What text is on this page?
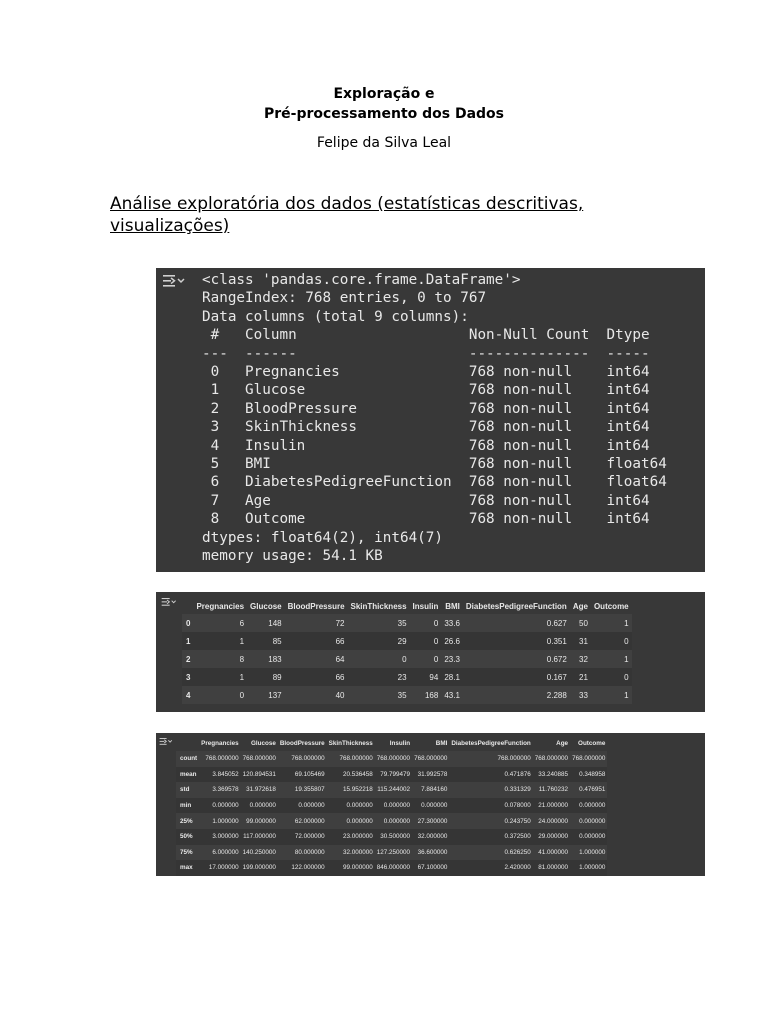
Exploração e
Pré-processamento dos Dados
Felipe da Silva Leal
Análise exploratória dos dados (estatísticas descritivas, visualizações)
<class 'pandas.core.frame.DataFrame'>
RangeIndex: 768 entries, 0 to 767
Data columns (total 9 columns):
#   Column                    Non-Null Count  Dtype
---  ------                    --------------  -----
0   Pregnancies               768 non-null    int64
1   Glucose                   768 non-null    int64
2   BloodPressure             768 non-null    int64
3   SkinThickness             768 non-null    int64
4   Insulin                   768 non-null    int64
5   BMI                       768 non-null    float64
6   DiabetesPedigreeFunction  768 non-null    float64
7   Age                       768 non-null    int64
8   Outcome                   768 non-null    int64
dtypes: float64(2), int64(7)
memory usage: 54.1 KB
	Pregnancies	Glucose	BloodPressure	SkinThickness	Insulin	BMI	DiabetesPedigreeFunction	Age	Outcome
0	6	148	72	35	0	33.6	0.627	50	1
1	1	85	66	29	0	26.6	0.351	31	0
2	8	183	64	0	0	23.3	0.672	32	1
3	1	89	66	23	94	28.1	0.167	21	0
4	0	137	40	35	168	43.1	2.288	33	1
	Pregnancies	Glucose	BloodPressure	SkinThickness	Insulin	BMI	DiabetesPedigreeFunction	Age	Outcome
count	768.000000	768.000000	768.000000	768.000000	768.000000	768.000000	768.000000	768.000000	768.000000
mean	3.845052	120.894531	69.105469	20.536458	79.799479	31.992578	0.471876	33.240885	0.348958
std	3.369578	31.972618	19.355807	15.952218	115.244002	7.884160	0.331329	11.760232	0.476951
min	0.000000	0.000000	0.000000	0.000000	0.000000	0.000000	0.078000	21.000000	0.000000
25%	1.000000	99.000000	62.000000	0.000000	0.000000	27.300000	0.243750	24.000000	0.000000
50%	3.000000	117.000000	72.000000	23.000000	30.500000	32.000000	0.372500	29.000000	0.000000
75%	6.000000	140.250000	80.000000	32.000000	127.250000	36.600000	0.626250	41.000000	1.000000
max	17.000000	199.000000	122.000000	99.000000	846.000000	67.100000	2.420000	81.000000	1.000000
